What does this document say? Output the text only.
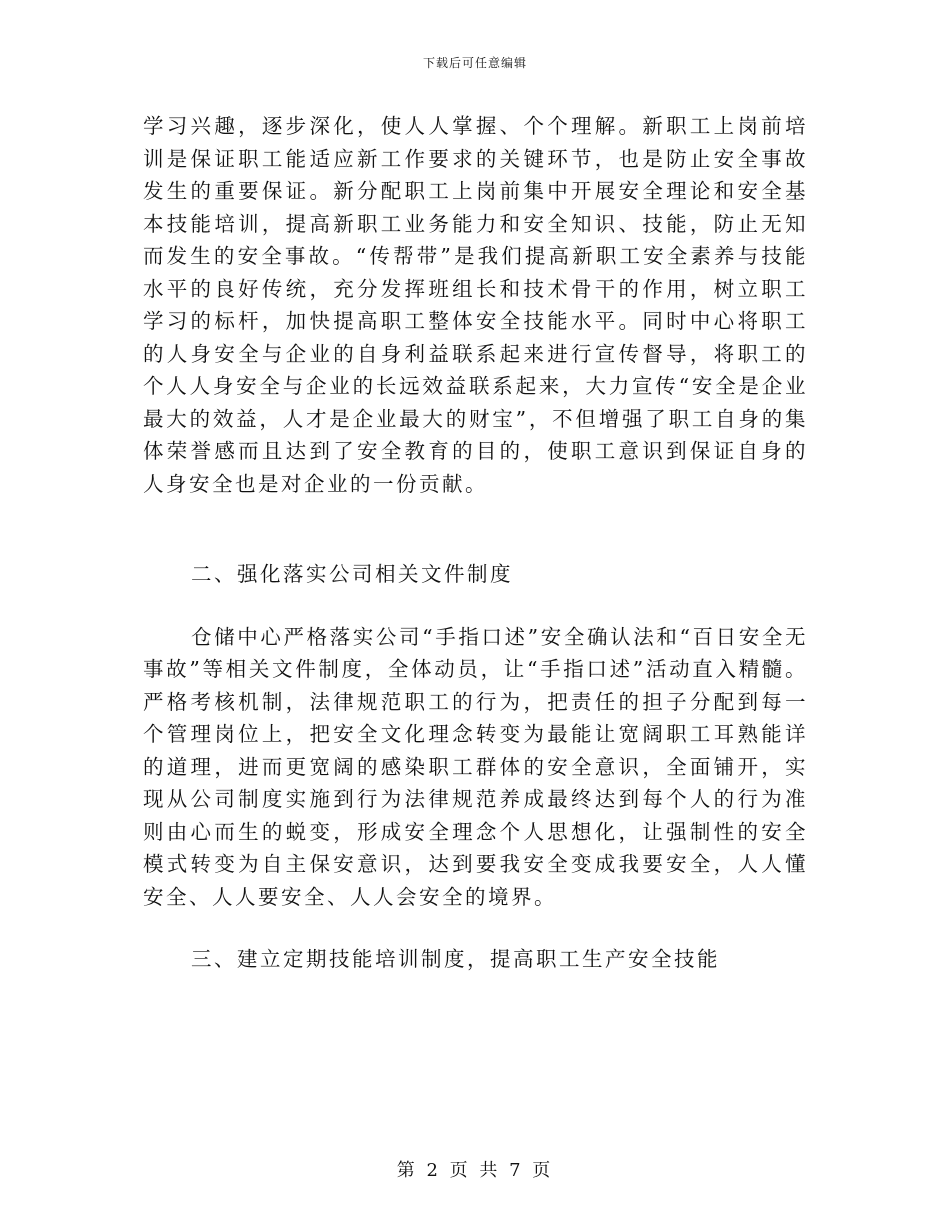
下载后可任意编辑

学习兴趣，逐步深化，使人人掌握、个个理解。新职工上岗前培训是保证职工能适应新工作要求的关键环节，也是防止安全事故发生的重要保证。新分配职工上岗前集中开展安全理论和安全基本技能培训，提高新职工业务能力和安全知识、技能，防止无知而发生的安全事故。“传帮带”是我们提高新职工安全素养与技能水平的良好传统，充分发挥班组长和技术骨干的作用，树立职工学习的标杆，加快提高职工整体安全技能水平。同时中心将职工的人身安全与企业的自身利益联系起来进行宣传督导，将职工的个人人身安全与企业的长远效益联系起来，大力宣传“安全是企业最大的效益，人才是企业最大的财宝”，不但增强了职工自身的集体荣誉感而且达到了安全教育的目的，使职工意识到保证自身的人身安全也是对企业的一份贡献。

二、强化落实公司相关文件制度

仓储中心严格落实公司“手指口述”安全确认法和“百日安全无事故”等相关文件制度，全体动员，让“手指口述”活动直入精髓。严格考核机制，法律规范职工的行为，把责任的担子分配到每一个管理岗位上，把安全文化理念转变为最能让宽阔职工耳熟能详的道理，进而更宽阔的感染职工群体的安全意识，全面铺开，实现从公司制度实施到行为法律规范养成最终达到每个人的行为准则由心而生的蜕变，形成安全理念个人思想化，让强制性的安全模式转变为自主保安意识，达到要我安全变成我要安全，人人懂安全、人人要安全、人人会安全的境界。

三、建立定期技能培训制度，提高职工生产安全技能

第 2 页 共 7 页
